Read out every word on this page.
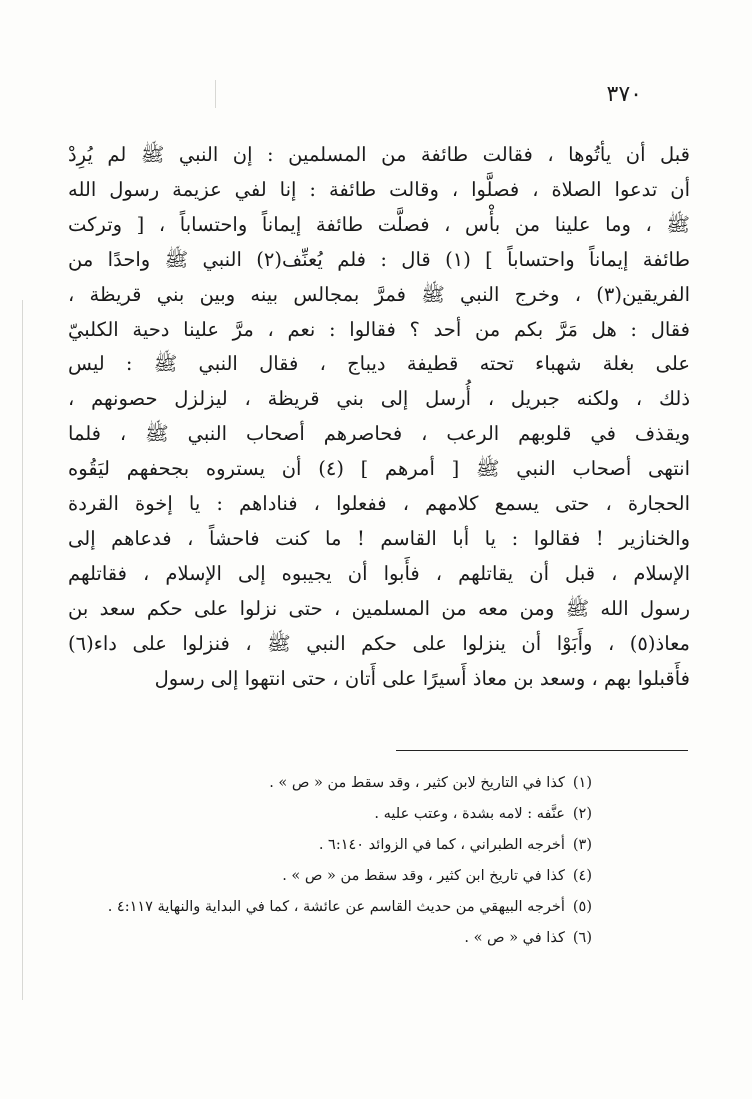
٣٧٠
قبل أن يأتُوها ، فقالت طائفة من المسلمين : إن النبي ﷺ لم يُرِدْ
أن تدعوا الصلاة ، فصلَّوا ، وقالت طائفة : إنا لفي عزيمة رسول الله
ﷺ ، وما علينا من بأْس ، فصلَّت طائفة إيماناً واحتساباً ، [ وتركت
طائفة إيماناً واحتساباً ] (١) قال : فلم يُعنِّف(٢) النبي ﷺ واحدًا من
الفريقين(٣) ، وخرج النبي ﷺ فمرَّ بمجالس بينه وبين بني قريظة ،
فقال : هل مَرَّ بكم من أحد ؟ فقالوا : نعم ، مرَّ علينا دحية الكلبيّ
على بغلة شهباء تحته قطيفة ديباج ، فقال النبي ﷺ : ليس
ذلك ، ولكنه جبريل ، أُرسل إلى بني قريظة ، ليزلزل حصونهم ،
ويقذف في قلوبهم الرعب ، فحاصرهم أصحاب النبي ﷺ ، فلما
انتهى أصحاب النبي ﷺ [ أمرهم ] (٤) أن يستروه بجحفهم ليَقُوه
الحجارة ، حتى يسمع كلامهم ، ففعلوا ، فناداهم : يا إخوة القردة
والخنازير ! فقالوا : يا أبا القاسم ! ما كنت فاحشاً ، فدعاهم إلى
الإسلام ، قبل أن يقاتلهم ، فأَبوا أن يجيبوه إلى الإسلام ، فقاتلهم
رسول الله ﷺ ومن معه من المسلمين ، حتى نزلوا على حكم سعد بن
معاذ(٥) ، وأَبَوْا أن ينزلوا على حكم النبي ﷺ ، فنزلوا على داء(٦)
فأَقبلوا بهم ، وسعد بن معاذ أَسيرًا على أَتان ، حتى انتهوا إلى رسول
(١)كذا في التاريخ لابن كثير ، وقد سقط من « ص » .
(٢)عنَّفه : لامه بشدة ، وعتب عليه .
(٣)أخرجه الطبراني ، كما في الزوائد ٦:١٤٠ .
(٤)كذا في تاريخ ابن كثير ، وقد سقط من « ص » .
(٥)أخرجه البيهقي من حديث القاسم عن عائشة ، كما في البداية والنهاية ٤:١١٧ .
(٦)كذا في « ص » .
